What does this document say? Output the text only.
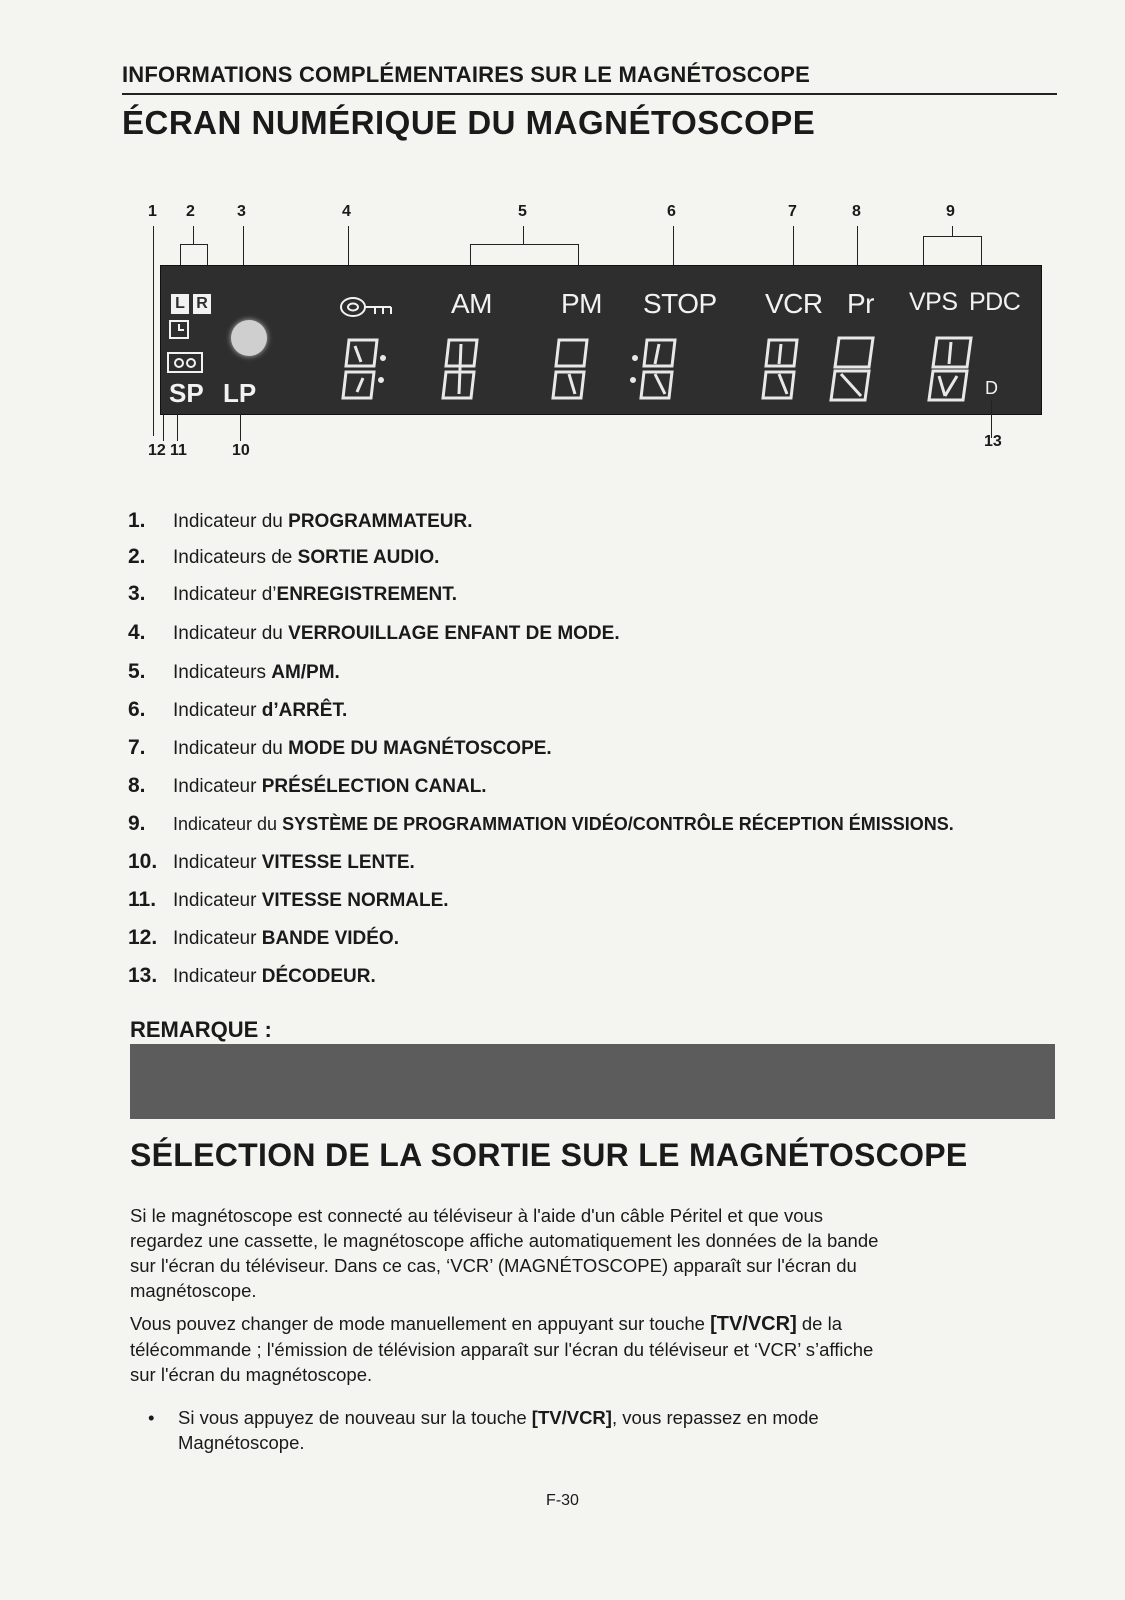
INFORMATIONS COMPLÉMENTAIRES SUR LE MAGNÉTOSCOPE
ÉCRAN NUMÉRIQUE DU MAGNÉTOSCOPE
1 2	3	4	5	6	7	8	9
L R	AM PM STOP VCR Pr VPS PDC
SP LP	D
12 11	10
13
1. Indicateur du PROGRAMMATEUR.
2. Indicateurs de SORTIE AUDIO.
3. Indicateur d’ENREGISTREMENT.
4. Indicateur du VERROUILLAGE ENFANT DE MODE.
5. Indicateurs AM/PM.
6. Indicateur d’ARRÊT.
7. Indicateur du MODE DU MAGNÉTOSCOPE.
8. Indicateur PRÉSÉLECTION CANAL.
9. Indicateur du SYSTÈME DE PROGRAMMATION VIDÉO/CONTRÔLE RÉCEPTION ÉMISSIONS.
10. Indicateur VITESSE LENTE.
11. Indicateur VITESSE NORMALE.
12. Indicateur BANDE VIDÉO.
13. Indicateur DÉCODEUR.
REMARQUE :
SÉLECTION DE LA SORTIE SUR LE MAGNÉTOSCOPE
Si le magnétoscope est connecté au téléviseur à l'aide d'un câble Péritel et que vous
regardez une cassette, le magnétoscope affiche automatiquement les données de la bande
sur l'écran du téléviseur. Dans ce cas, ‘VCR’ (MAGNÉTOSCOPE) apparaît sur l'écran du
magnétoscope.
Vous pouvez changer de mode manuellement en appuyant sur touche [TV/VCR] de la
télécommande ; l'émission de télévision apparaît sur l'écran du téléviseur et ‘VCR’ s’affiche
sur l'écran du magnétoscope.
• Si vous appuyez de nouveau sur la touche [TV/VCR], vous repassez en mode
Magnétoscope.
F-30
